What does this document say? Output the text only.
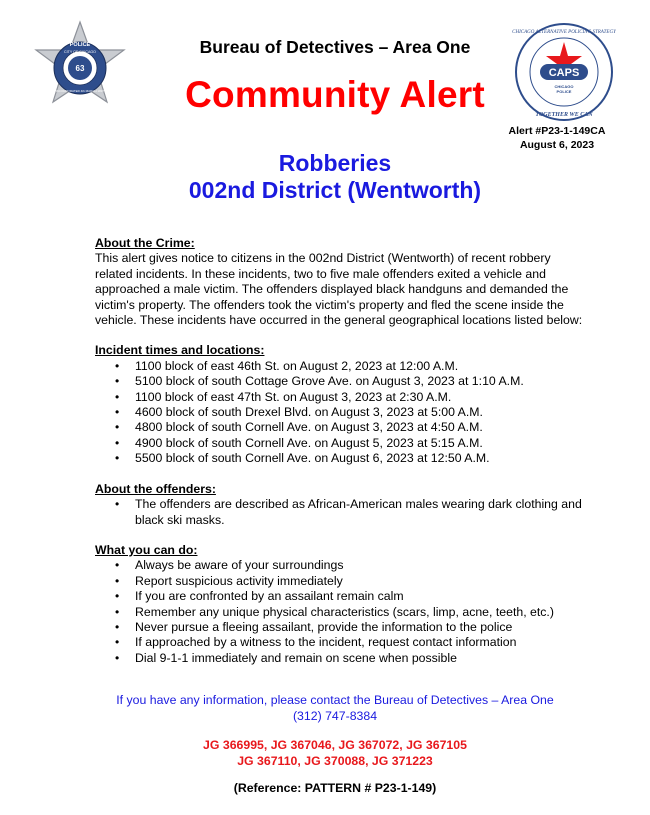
POLICE
63
CITY OF CHICAGO
INCORPORATED 4th MARCH 1837
Bureau of Detectives – Area One
Community Alert
CHICAGO ALTERNATIVE POLICING STRATEGY
TOGETHER WE CAN
CAPS
CHICAGO
POLICE
Alert #P23-1-149CA
August 6, 2023
Robberies
002nd District (Wentworth)
About the Crime:
This alert gives notice to citizens in the 002nd District (Wentworth) of recent robbery related incidents. In these incidents, two to five male offenders exited a vehicle and approached a male victim. The offenders displayed black handguns and demanded the victim's property. The offenders took the victim's property and fled the scene inside the vehicle. These incidents have occurred in the general geographical locations listed below:
Incident times and locations:
• 1100 block of east 46th St. on August 2, 2023 at 12:00 A.M.
• 5100 block of south Cottage Grove Ave. on August 3, 2023 at 1:10 A.M.
• 1100 block of east 47th St. on August 3, 2023 at 2:30 A.M.
• 4600 block of south Drexel Blvd. on August 3, 2023 at 5:00 A.M.
• 4800 block of south Cornell Ave. on August 3, 2023 at 4:50 A.M.
• 4900 block of south Cornell Ave. on August 5, 2023 at 5:15 A.M.
• 5500 block of south Cornell Ave. on August 6, 2023 at 12:50 A.M.
About the offenders:
• The offenders are described as African-American males wearing dark clothing and black ski masks.
What you can do:
• Always be aware of your surroundings
• Report suspicious activity immediately
• If you are confronted by an assailant remain calm
• Remember any unique physical characteristics (scars, limp, acne, teeth, etc.)
• Never pursue a fleeing assailant, provide the information to the police
• If approached by a witness to the incident, request contact information
• Dial 9-1-1 immediately and remain on scene when possible
If you have any information, please contact the Bureau of Detectives – Area One
(312) 747-8384
JG 366995, JG 367046, JG 367072, JG 367105
JG 367110, JG 370088, JG 371223
(Reference: PATTERN # P23-1-149)
